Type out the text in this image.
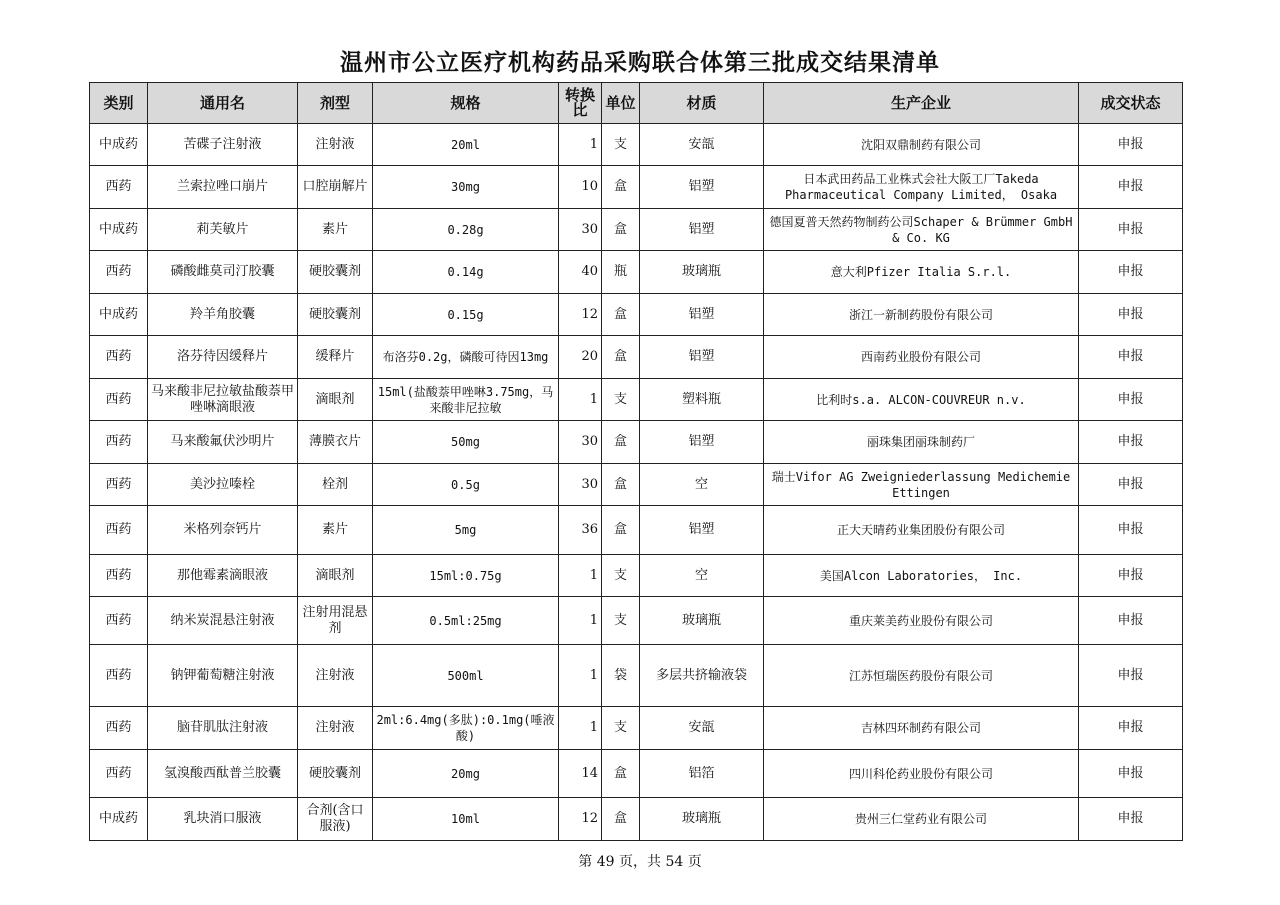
温州市公立医疗机构药品采购联合体第三批成交结果清单
类别	通用名	剂型	规格	转换比	单位	材质	生产企业	成交状态
中成药	苦碟子注射液	注射液	20ml	1	支	安瓿	沈阳双鼎制药有限公司	申报
西药	兰索拉唑口崩片	口腔崩解片	30mg	10	盒	铝塑	日本武田药品工业株式会社大阪工厂Takeda Pharmaceutical Company Limited， Osaka	申报
中成药	莉芙敏片	素片	0.28g	30	盒	铝塑	德国夏普天然药物制药公司Schaper & Brümmer GmbH & Co. KG	申报
西药	磷酸雌莫司汀胶囊	硬胶囊剂	0.14g	40	瓶	玻璃瓶	意大利Pfizer Italia S.r.l.	申报
中成药	羚羊角胶囊	硬胶囊剂	0.15g	12	盒	铝塑	浙江一新制药股份有限公司	申报
西药	洛芬待因缓释片	缓释片	布洛芬0.2g，磷酸可待因13mg	20	盒	铝塑	西南药业股份有限公司	申报
西药	马来酸非尼拉敏盐酸萘甲唑啉滴眼液	滴眼剂	15ml(盐酸萘甲唑啉3.75mg，马来酸非尼拉敏	1	支	塑料瓶	比利时s.a. ALCON-COUVREUR n.v.	申报
西药	马来酸氟伏沙明片	薄膜衣片	50mg	30	盒	铝塑	丽珠集团丽珠制药厂	申报
西药	美沙拉嗪栓	栓剂	0.5g	30	盒	空	瑞士Vifor AG Zweigniederlassung Medichemie Ettingen	申报
西药	米格列奈钙片	素片	5mg	36	盒	铝塑	正大天晴药业集团股份有限公司	申报
西药	那他霉素滴眼液	滴眼剂	15ml:0.75g	1	支	空	美国Alcon Laboratories， Inc.	申报
西药	纳米炭混悬注射液	注射用混悬剂	0.5ml:25mg	1	支	玻璃瓶	重庆莱美药业股份有限公司	申报
西药	钠钾葡萄糖注射液	注射液	500ml	1	袋	多层共挤输液袋	江苏恒瑞医药股份有限公司	申报
西药	脑苷肌肽注射液	注射液	2ml:6.4mg(多肽):0.1mg(唾液酸)	1	支	安瓿	吉林四环制药有限公司	申报
西药	氢溴酸西酞普兰胶囊	硬胶囊剂	20mg	14	盒	铝箔	四川科伦药业股份有限公司	申报
中成药	乳块消口服液	合剂(含口服液)	10ml	12	盒	玻璃瓶	贵州三仁堂药业有限公司	申报
第 49 页，共 54 页
